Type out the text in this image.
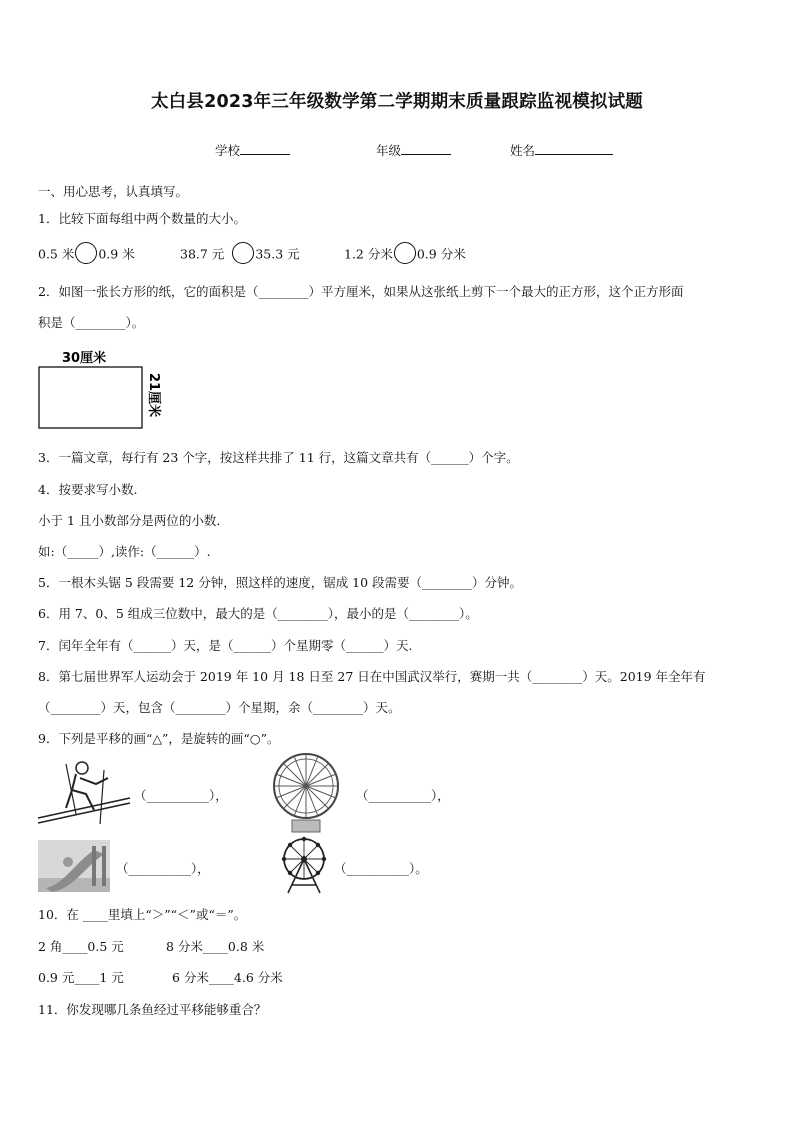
太白县2023年三年级数学第二学期期末质量跟踪监视模拟试题
学校	年级	姓名
一、用心思考，认真填写。
1．比较下面每组中两个数量的大小。
0.5 米 0.9 米	38.7 元 35.3 元	1.2 分米 0.9 分米
2．如图一张长方形的纸，它的面积是（________）平方厘米，如果从这张纸上剪下一个最大的正方形，这个正方形面
积是（________）。
30厘米
21厘米
3．一篇文章，每行有 23 个字，按这样共排了 11 行，这篇文章共有（______）个字。
4．按要求写小数.
小于 1 且小数部分是两位的小数．
如:（_____）,读作:（______）.
5．一根木头锯 5 段需要 12 分钟，照这样的速度，锯成 10 段需要（________）分钟。
6．用 7、0、5 组成三位数中，最大的是（________），最小的是（________）。
7．闰年全年有（______）天，是（______）个星期零（______）天.
8．第七届世界军人运动会于 2019 年 10 月 18 日至 27 日在中国武汉举行，赛期一共（________）天。2019 年全年有
（________）天，包含（________）个星期，余（________）天。
9．下列是平移的画“△”，是旋转的画“○”。
（__________），	（__________），
（__________），	（__________）。
10．在 ____里填上“＞”“＜”或“＝”。
2 角____0.5 元	8 分米____0.8 米
0.9 元____1 元	6 分米____4.6 分米
11．你发现哪几条鱼经过平移能够重合？
